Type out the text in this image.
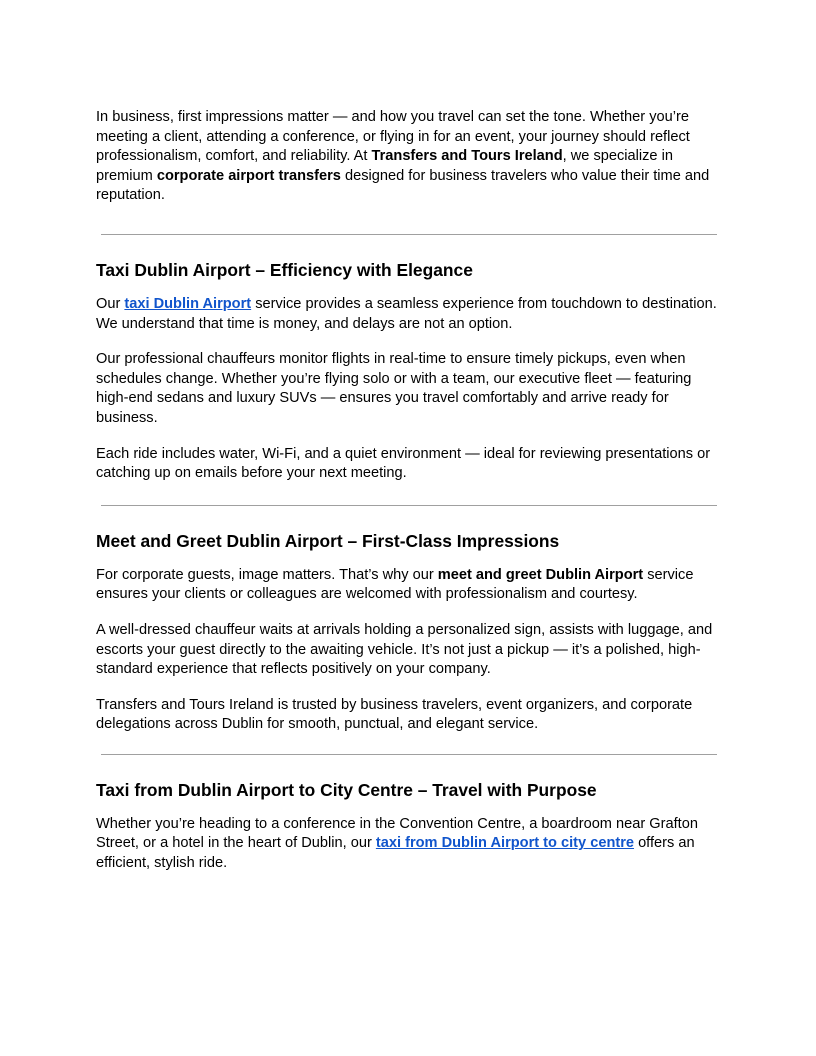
In business, first impressions matter — and how you travel can set the tone. Whether you’re meeting a client, attending a conference, or flying in for an event, your journey should reflect professionalism, comfort, and reliability. At Transfers and Tours Ireland, we specialize in premium corporate airport transfers designed for business travelers who value their time and reputation.

Taxi Dublin Airport – Efficiency with Elegance

Our taxi Dublin Airport service provides a seamless experience from touchdown to destination. We understand that time is money, and delays are not an option.

Our professional chauffeurs monitor flights in real-time to ensure timely pickups, even when schedules change. Whether you’re flying solo or with a team, our executive fleet — featuring high-end sedans and luxury SUVs — ensures you travel comfortably and arrive ready for business.

Each ride includes water, Wi-Fi, and a quiet environment — ideal for reviewing presentations or catching up on emails before your next meeting.

Meet and Greet Dublin Airport – First-Class Impressions

For corporate guests, image matters. That’s why our meet and greet Dublin Airport service ensures your clients or colleagues are welcomed with professionalism and courtesy.

A well-dressed chauffeur waits at arrivals holding a personalized sign, assists with luggage, and escorts your guest directly to the awaiting vehicle. It’s not just a pickup — it’s a polished, high-standard experience that reflects positively on your company.

Transfers and Tours Ireland is trusted by business travelers, event organizers, and corporate delegations across Dublin for smooth, punctual, and elegant service.

Taxi from Dublin Airport to City Centre – Travel with Purpose

Whether you’re heading to a conference in the Convention Centre, a boardroom near Grafton Street, or a hotel in the heart of Dublin, our taxi from Dublin Airport to city centre offers an efficient, stylish ride.
